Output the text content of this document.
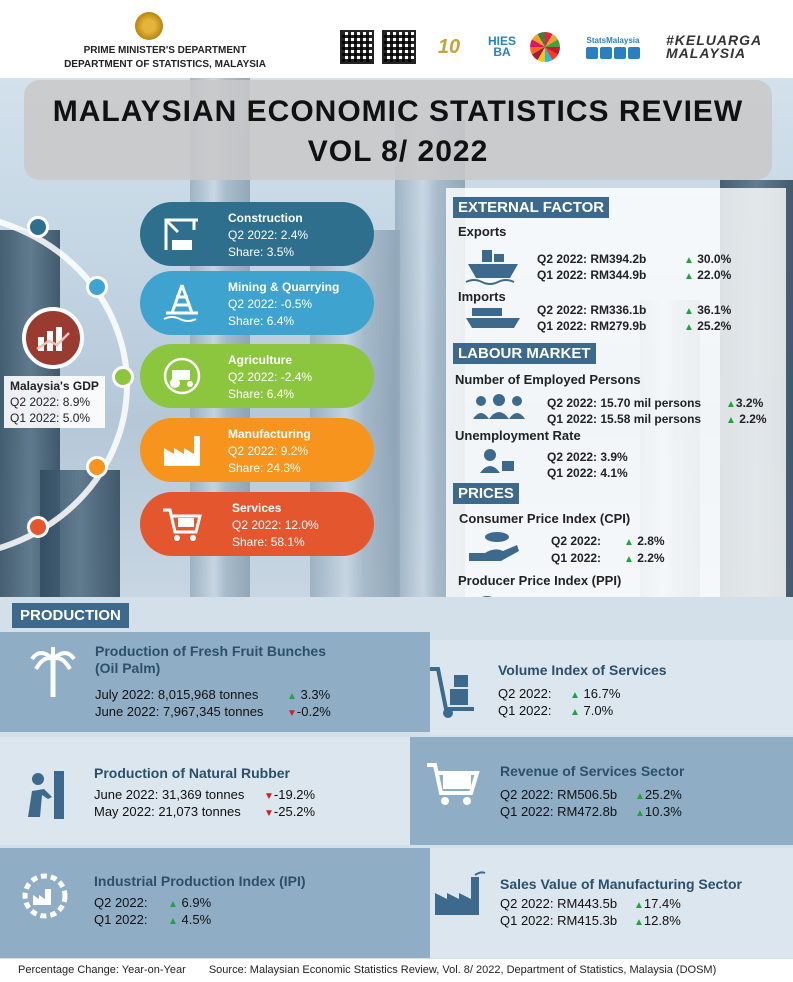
PRIME MINISTER'S DEPARTMENT
DEPARTMENT OF STATISTICS, MALAYSIA
10	HIES BA
StatsMalaysia #KELUARGA MALAYSIA
MALAYSIAN ECONOMIC STATISTICS REVIEW
VOL 8/ 2022
Malaysia's GDP
Q2 2022: 8.9%
Q1 2022: 5.0%
Construction
Q2 2022: 2.4%
Share: 3.5%
Mining & Quarrying
Q2 2022: -0.5%
Share: 6.4%
Agriculture
Q2 2022: -2.4%
Share: 6.4%
Manufacturing
Q2 2022: 9.2%
Share: 24.3%
Services
Q2 2022: 12.0%
Share: 58.1%
EXTERNAL FACTOR
Exports
Q2 2022: RM394.2b	▲ 30.0%
Q1 2022: RM344.9b	▲ 22.0%
Imports
Q2 2022: RM336.1b	▲ 36.1%
Q1 2022: RM279.9b	▲ 25.2%
LABOUR MARKET
Number of Employed Persons
Q2 2022: 15.70 mil persons ▲3.2%
Q1 2022: 15.58 mil persons ▲ 2.2%
Unemployment Rate
Q2 2022: 3.9%
Q1 2022: 4.1%
PRICES
Consumer Price Index (CPI)
Q2 2022: ▲ 2.8%
Q1 2022: ▲ 2.2%
Producer Price Index (PPI)
PRODUCTION
Production of Fresh Fruit Bunches
(Oil Palm)
July 2022: 8,015,968 tonnes	▲ 3.3%
June 2022: 7,967,345 tonnes ▼-0.2%
Production of Natural Rubber
June 2022: 31,369 tonnes ▼-19.2%
May 2022: 21,073 tonnes ▼-25.2%
Industrial Production Index (IPI)
Q2 2022: ▲ 6.9%
Q1 2022: ▲ 4.5%
Volume Index of Services
Q2 2022: ▲ 16.7%
Q1 2022: ▲ 7.0%
Revenue of Services Sector
Q2 2022: RM506.5b ▲25.2%
Q1 2022: RM472.8b ▲10.3%
Sales Value of Manufacturing Sector
Q2 2022: RM443.5b ▲17.4%
Q1 2022: RM415.3b ▲12.8%
Percentage Change: Year-on-Year Source: Malaysian Economic Statistics Review, Vol. 8/ 2022, Department of Statistics, Malaysia (DOSM)
